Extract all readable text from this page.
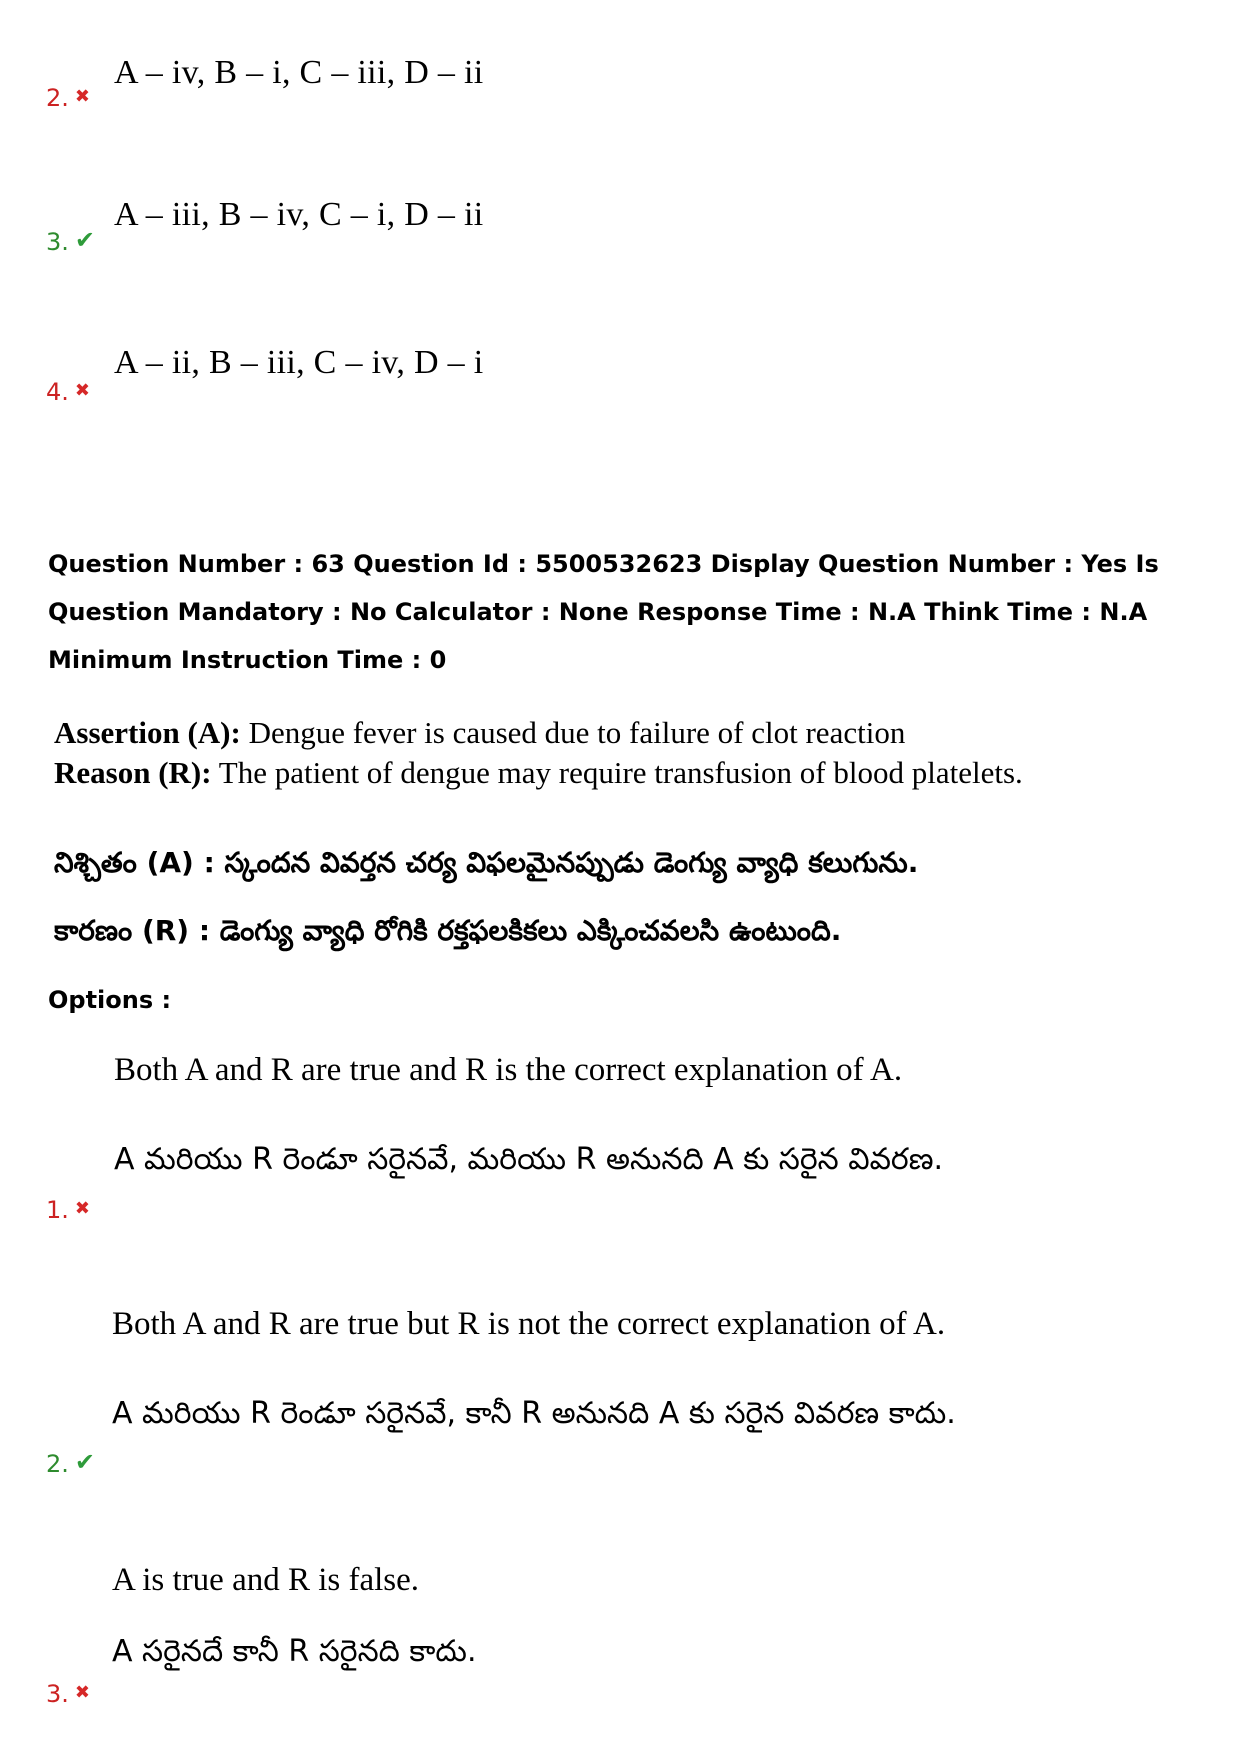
A – iv, B – i, C – iii, D – ii
2. ✖
A – iii, B – iv, C – i, D – ii
3. ✔
A – ii, B – iii, C – iv, D – i
4. ✖
Question Number : 63 Question Id : 5500532623 Display Question Number : Yes Is Question Mandatory : No Calculator : None Response Time : N.A Think Time : N.A Minimum Instruction Time : 0
Assertion (A): Dengue fever is caused due to failure of clot reaction
Reason (R): The patient of dengue may require transfusion of blood platelets.
నిశ్చితం (A) : స్కందన వివర్తన చర్య విఫలమైనప్పుడు డెంగ్యు వ్యాధి కలుగును.
కారణం (R) : డెంగ్యు వ్యాధి రోగికి రక్తఫలకికలు ఎక్కించవలసి ఉంటుంది.
Options :
Both A and R are true and R is the correct explanation of A.
A మరియు R రెండూ సరైనవే, మరియు R అనునది A కు సరైన వివరణ.
1. ✖
Both A and R are true but R is not the correct explanation of A.
A మరియు R రెండూ సరైనవే, కానీ R అనునది A కు సరైన వివరణ కాదు.
2. ✔
A is true and R is false.
A సరైనదే కానీ R సరైనది కాదు.
3. ✖
